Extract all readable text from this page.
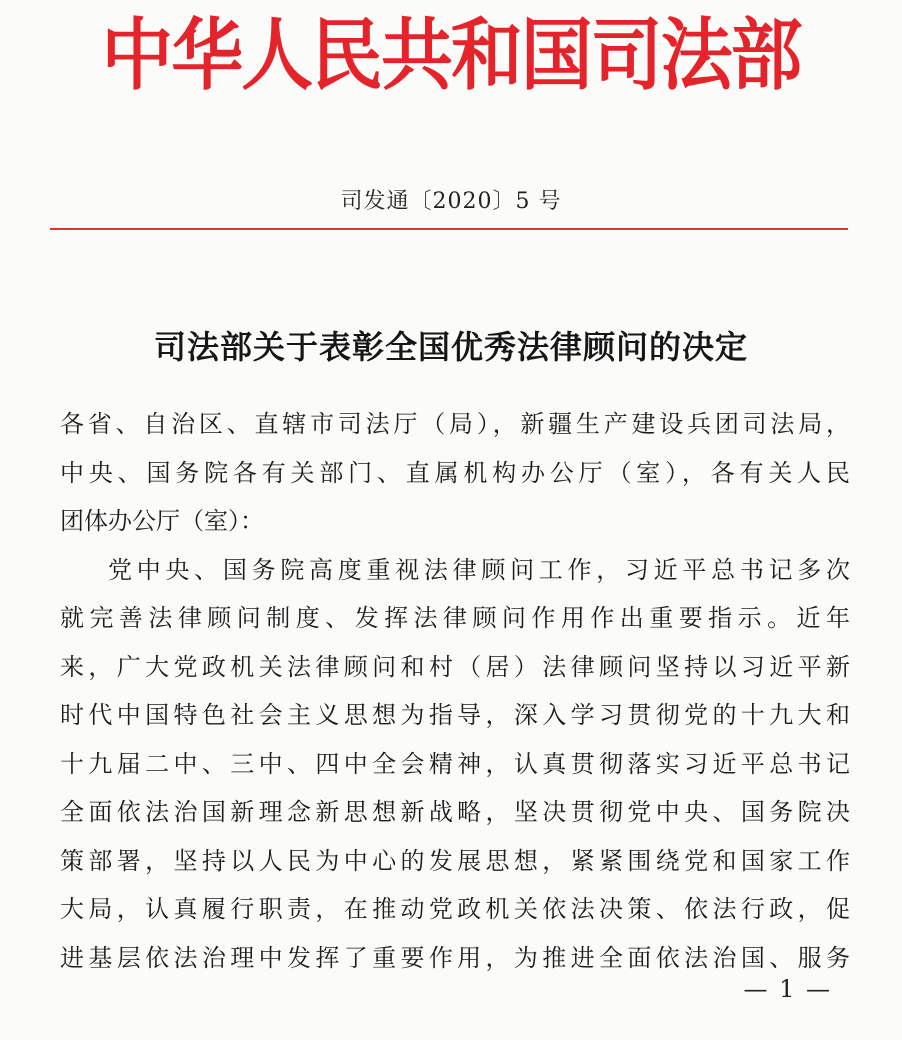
中华人民共和国司法部
司发通〔2020〕5 号
司法部关于表彰全国优秀法律顾问的决定
各省、自治区、直辖市司法厅（局），新疆生产建设兵团司法局，
中央、国务院各有关部门、直属机构办公厅（室），各有关人民
团体办公厅（室）：
党中央、国务院高度重视法律顾问工作，习近平总书记多次
就完善法律顾问制度、发挥法律顾问作用作出重要指示。近年
来，广大党政机关法律顾问和村（居）法律顾问坚持以习近平新
时代中国特色社会主义思想为指导，深入学习贯彻党的十九大和
十九届二中、三中、四中全会精神，认真贯彻落实习近平总书记
全面依法治国新理念新思想新战略，坚决贯彻党中央、国务院决
策部署，坚持以人民为中心的发展思想，紧紧围绕党和国家工作
大局，认真履行职责，在推动党政机关依法决策、依法行政，促
进基层依法治理中发挥了重要作用，为推进全面依法治国、服务
— 1 —
